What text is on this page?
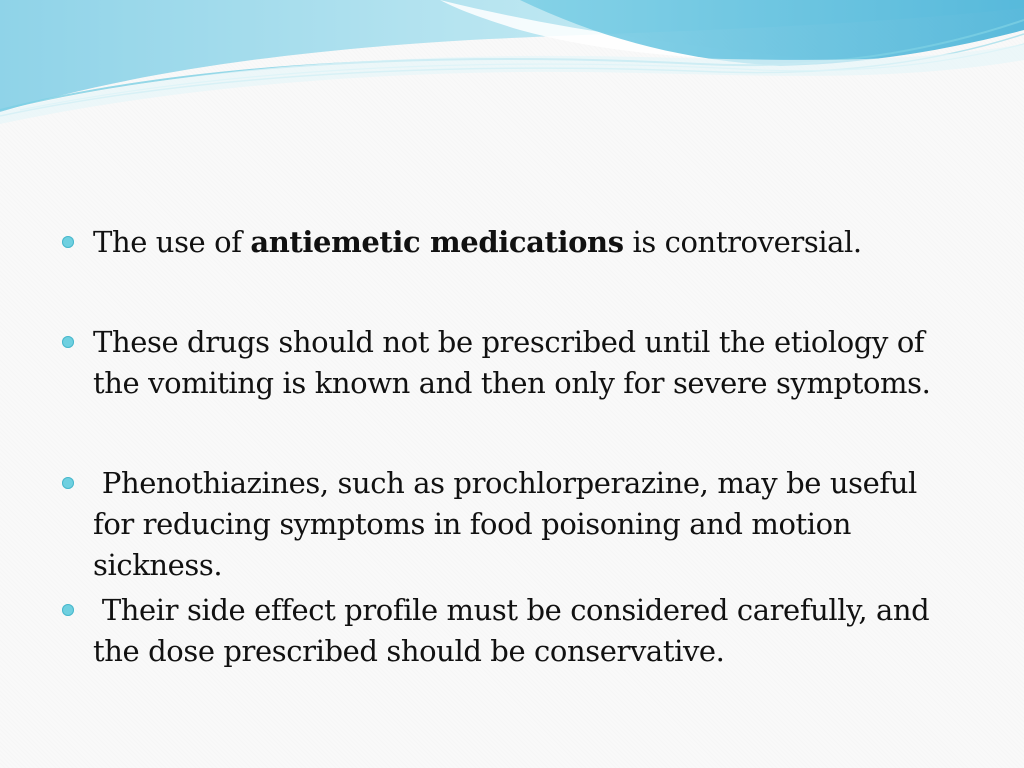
The use of antiemetic medications is controversial.
These drugs should not be prescribed until the etiology of the vomiting is known and then only for severe symptoms.
Phenothiazines, such as prochlorperazine, may be useful for reducing symptoms in food poisoning and motion sickness.
Their side effect profile must be considered carefully, and the dose prescribed should be conservative.
